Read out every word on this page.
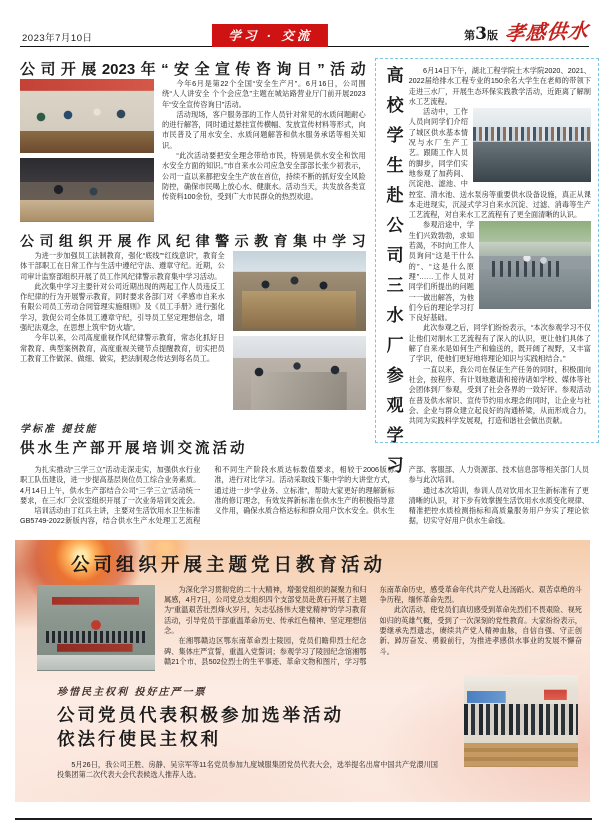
2023年7月10日	学习 · 交流	第3版 孝感供水
公司开展2023年“安全宣传咨询日”活动

今年6月是第22个全国“安全生产月”。6月16日，公司围绕“人人讲安全 个个会应急”主题在城站路营业厅门前开展2023年“安全宣传咨询日”活动。

活动现场，客户服务部的工作人员针对常见的水质问题耐心的进行解答，同时通过悬挂宣传横幅、发放宣传材料等形式，向市民普及了用水安全、水质问题解答和供水服务承诺等相关知识。

“此次活动要把安全理念带给市民，特别是供水安全和饮用水安全方面的知识。”市自来水公司应急安全部部长张少初表示，公司一直以来都把安全生产放在首位，持续不断的抓好安全风险防控，确保市民喝上放心水、健康水。活动当天，共发放各类宣传资料100余份，受到广大市民群众的热烈欢迎。

公司组织开展作风纪律警示教育集中学习

为进一步加强员工法制教育，强化“底线”“红线意识”，教育全体干部职工在日常工作与生活中遵纪守法、遵章守纪。近期，公司审计监察部组织开展了员工作风纪律警示教育集中学习活动。

此次集中学习主要针对公司近期出现的两起工作人员违反工作纪律的行为开展警示教育，同时要求各部门对《孝感市自来水有限公司员工劳动合同管理实施细则》及《员工手册》进行强化学习，敦促公司全体员工遵章守纪，引导员工坚定理想信念，增强纪法观念，在思想上筑牢“防火墙”。

今年以来，公司高度重视作风纪律警示教育，常态化抓好日常教育、典型案例教育，高度重视关键节点提醒教育，切实把员工教育工作做深、做细、做实，把法制观念传达到每名员工。

学标准 提技能
供水生产部开展培训交流活动	高校学生赴公司三水厂参观学习	6月14日下午，湖北工程学院土木学院2020、2021、2022届给排水工程专业的150余名大学生在老师的带领下走进三水厂，开展生态环保实践教学活动，近距离了解制水工艺流程。

活动中，工作人员向同学们介绍了城区供水基本情况与水厂生产工艺。跟随工作人员的脚步，同学们实地参观了加药间、沉淀池、滤池、中控室、清水池、送水泵房等重要供水设备设施，真正从课本走进现实，沉浸式学习自来水沉淀、过滤、消毒等生产工艺流程，对自来水工艺流程有了更全面清晰的认识。

参观沿途中，学生们兴致勃勃，求知若渴，不时向工作人员询问“这是干什么的”、“这是什么原理”……工作人员对同学们所提出的问题一一做出解答，为他们今后的理论学习打下良好基础。

此次参观之后，同学们纷纷表示，“本次参观学习不仅让他们对制水工艺流程有了深入的认识，更让他们具体了解了自来水是如何生产和输送的，既开阔了视野，又丰富了学识，使他们更好地将理论知识与实践相结合。”

一直以来，我公司在保证生产任务的同时，积极面向社会，按程序、有计划地邀请和接待诸如学校、媒体等社会团体到厂参观，受到了社会各界的一致好评。参观活动在普及供水常识、宣传节约用水理念的同时，让企业与社会、企业与群众建立起良好的沟通桥梁，从而形成合力，共同为实践科学发展观，打造和谐社会做出贡献。

为扎实推动“三学三立”活动走深走实，加强供水行业职工队伍建设，进一步提高基层岗位员工综合业务素质。4月14日上午，供水生产部结合公司“三学三立”活动统一要求，在三水厂会议室组织开展了一次业务培训交流会。

培训活动由丁红兵主讲，主要对生活饮用水卫生标准GB5749-2022新版内容，结合供水生产水处理工艺流程和不同生产阶段水质达标数值要求，相较于2006版标准，进行对比学习。活动采取线下集中学的大讲堂方式，通过进一步“学业务、立标准”，帮助大家更好的理解新标准的修订理念，有效发挥新标准在供水生产的积极指导意义作用，确保水质合格达标和群众用户饮水安全。供水生产部、客服部、人力资源部、技术信息部等相关部门人员参与此次培训。

通过本次培训，参训人员对饮用水卫生新标准有了更清晰的认识，对下步有效掌握生活饮用水水质变化规律、精准把控水质检测指标和高质量服务用户夯实了理论依据，切实守好用户供水生命线。

公司组织开展主题党日教育活动

为深化学习贯彻党的二十大精神，增强党组织的凝聚力和归属感，4月7日，公司党总支组织四个支部党员赴黄石开展了主题为“重温艰苦壮烈烽火岁月，矢志弘扬伟大建党精神”的学习教育活动，引导党员干部重温革命历史、传承红色精神、坚定理想信念。

在湘鄂赣边区鄂东南革命烈士陵园，党员们瞻仰烈士纪念碑、集体庄严宣誓，重温入党誓词；参观学习了陵园纪念馆湘鄂赣21个市、县502位烈士的生平事迹、革命文物和图片，学习鄂东南革命历史，感受革命年代共产党人赴汤蹈火、艰苦卓绝的斗争历程，缅怀革命先烈。

此次活动，使党员们真切感受到革命先烈们不畏艰险、视死如归的英雄气概，受到了一次深刻的党性教育。大家纷纷表示，要继承先烈遗志，赓续共产党人精神血脉，自信自强、守正创新、踔厉奋发、勇毅前行，为推进孝感供水事业的发展不懈奋斗。

珍惜民主权利 投好庄严一票
公司党员代表积极参加选举活动
依法行使民主权利

5月26日，我公司王胜、房静、吴宗军等11名党员参加九度城服集团党员代表大会，选举提名出席中国共产党澴川国投集团第二次代表大会代表候选人推荐人选。
